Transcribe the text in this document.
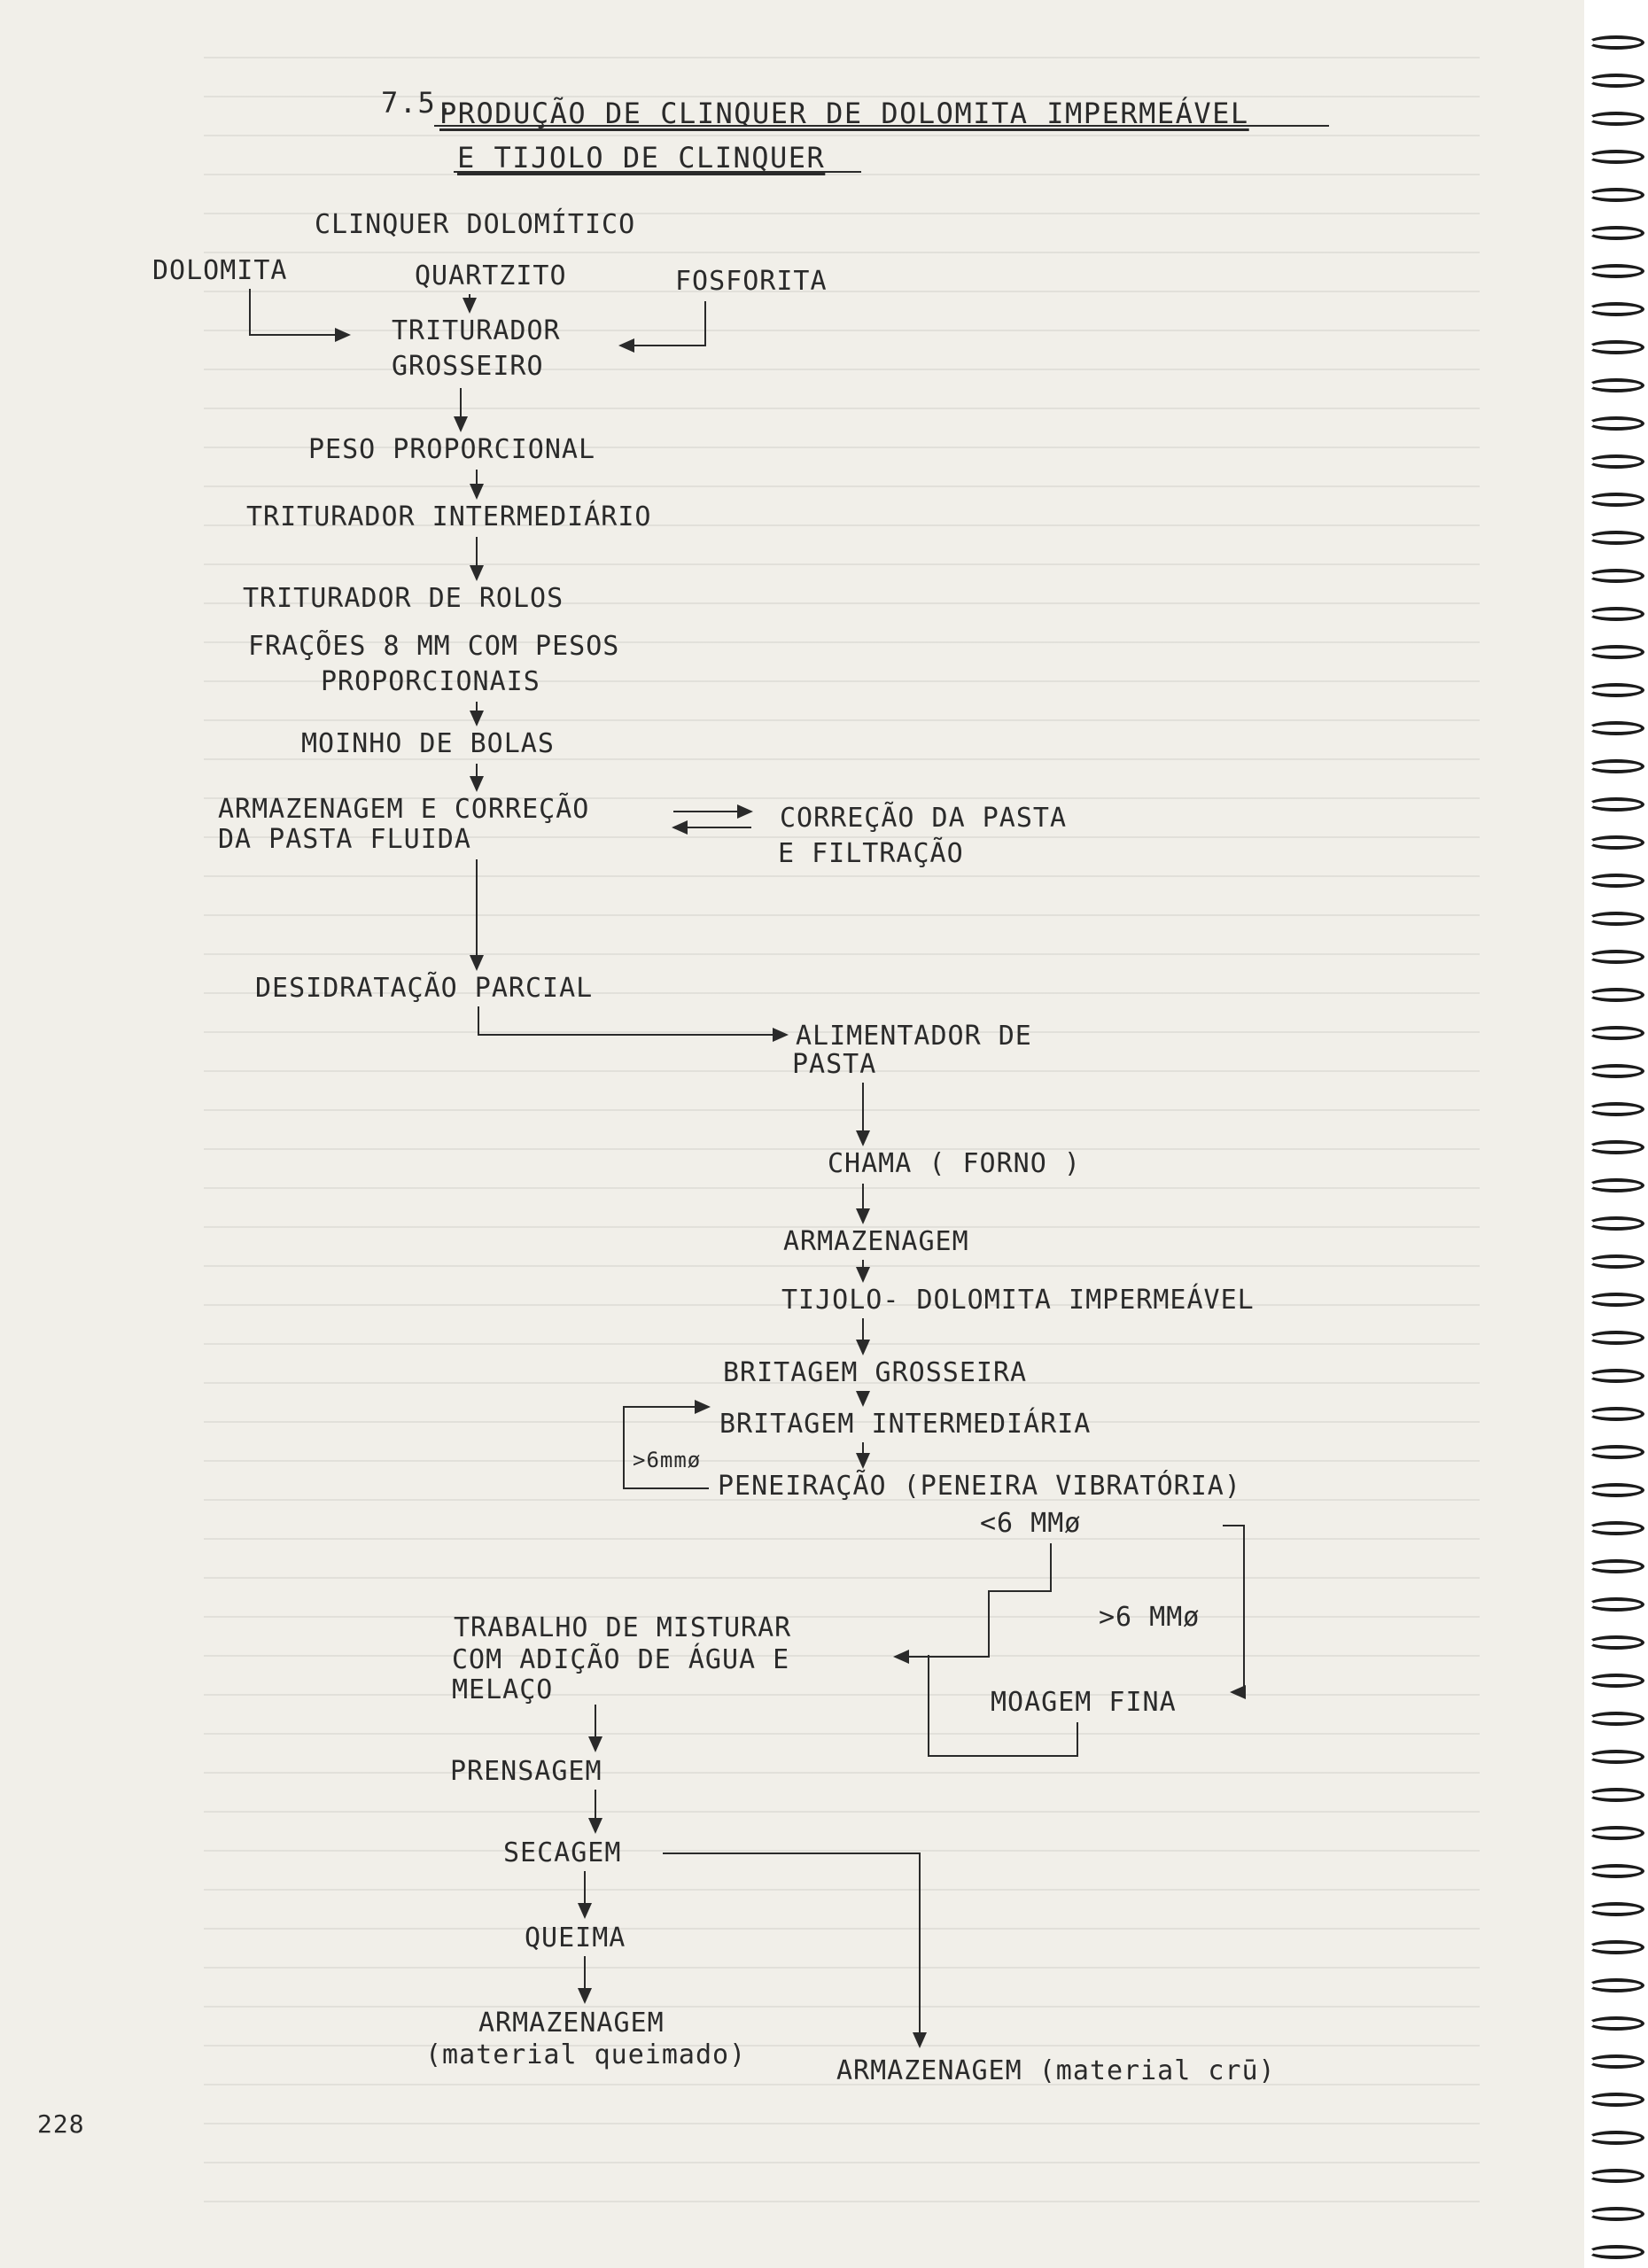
7.5.
PRODUÇÃO DE CLINQUER DE DOLOMITA IMPERMEÁVEL
E TIJOLO DE CLINQUER
CLINQUER DOLOMÍTICO
DOLOMITA	QUARTZITO	FOSFORITA
TRITURADOR
GROSSEIRO
PESO PROPORCIONAL
TRITURADOR INTERMEDIÁRIO
TRITURADOR DE ROLOS
FRAÇÕES 8 MM COM PESOS
PROPORCIONAIS
MOINHO DE BOLAS
ARMAZENAGEM E CORREÇÃO
DA PASTA FLUIDA
CORREÇÃO DA PASTA
E FILTRAÇÃO
DESIDRATAÇÃO PARCIAL
ALIMENTADOR DE
PASTA
CHAMA ( FORNO )
ARMAZENAGEM
TIJOLO- DOLOMITA IMPERMEÁVEL
BRITAGEM GROSSEIRA
BRITAGEM INTERMEDIÁRIA
>6mmø
PENEIRAÇÃO (PENEIRA VIBRATÓRIA)
<6 MMø
>6 MMø
TRABALHO DE MISTURAR
COM ADIÇÃO DE ÁGUA E
MELAÇO	MOAGEM FINA
PRENSAGEM
SECAGEM
QUEIMA
ARMAZENAGEM
(material queimado)
ARMAZENAGEM (material crū)
228
